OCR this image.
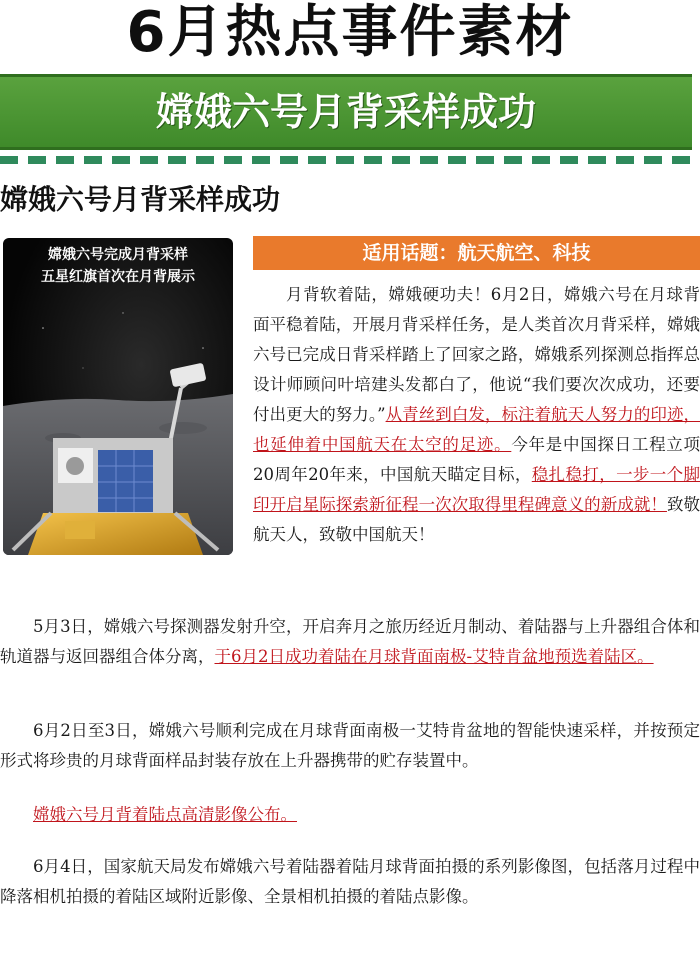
6月热点事件素材
嫦娥六号月背采样成功
嫦娥六号月背采样成功
嫦娥六号完成月背采样
五星红旗首次在月背展示
适用话题：航天航空、科技
月背软着陆，嫦娥硬功夫！6月2日，嫦娥六号在月球背面平稳着陆，开展月背采样任务，是人类首次月背采样，嫦娥六号已完成日背采样踏上了回家之路，嫦娥系列探测总指挥总设计师顾问叶培建头发都白了，他说“我们要次次成功，还要付出更大的努力。”从青丝到白发，标注着航天人努力的印迹，也延伸着中国航天在太空的足迹。今年是中国探日工程立项20周年20年来，中国航天瞄定目标，稳扎稳打，一步一个脚印开启星际探索新征程一次次取得里程碑意义的新成就！致敬航天人，致敬中国航天！
5月3日，嫦娥六号探测器发射升空，开启奔月之旅历经近月制动、着陆器与上升器组合体和轨道器与返回器组合体分离，于6月2日成功着陆在月球背面南极-艾特肯盆地预选着陆区。
6月2日至3日，嫦娥六号顺利完成在月球背面南极一艾特肯盆地的智能快速采样，并按预定形式将珍贵的月球背面样品封装存放在上升器携带的贮存装置中。
嫦娥六号月背着陆点高清影像公布。
6月4日，国家航天局发布嫦娥六号着陆器着陆月球背面拍摄的系列影像图，包括落月过程中降落相机拍摄的着陆区域附近影像、全景相机拍摄的着陆点影像。
